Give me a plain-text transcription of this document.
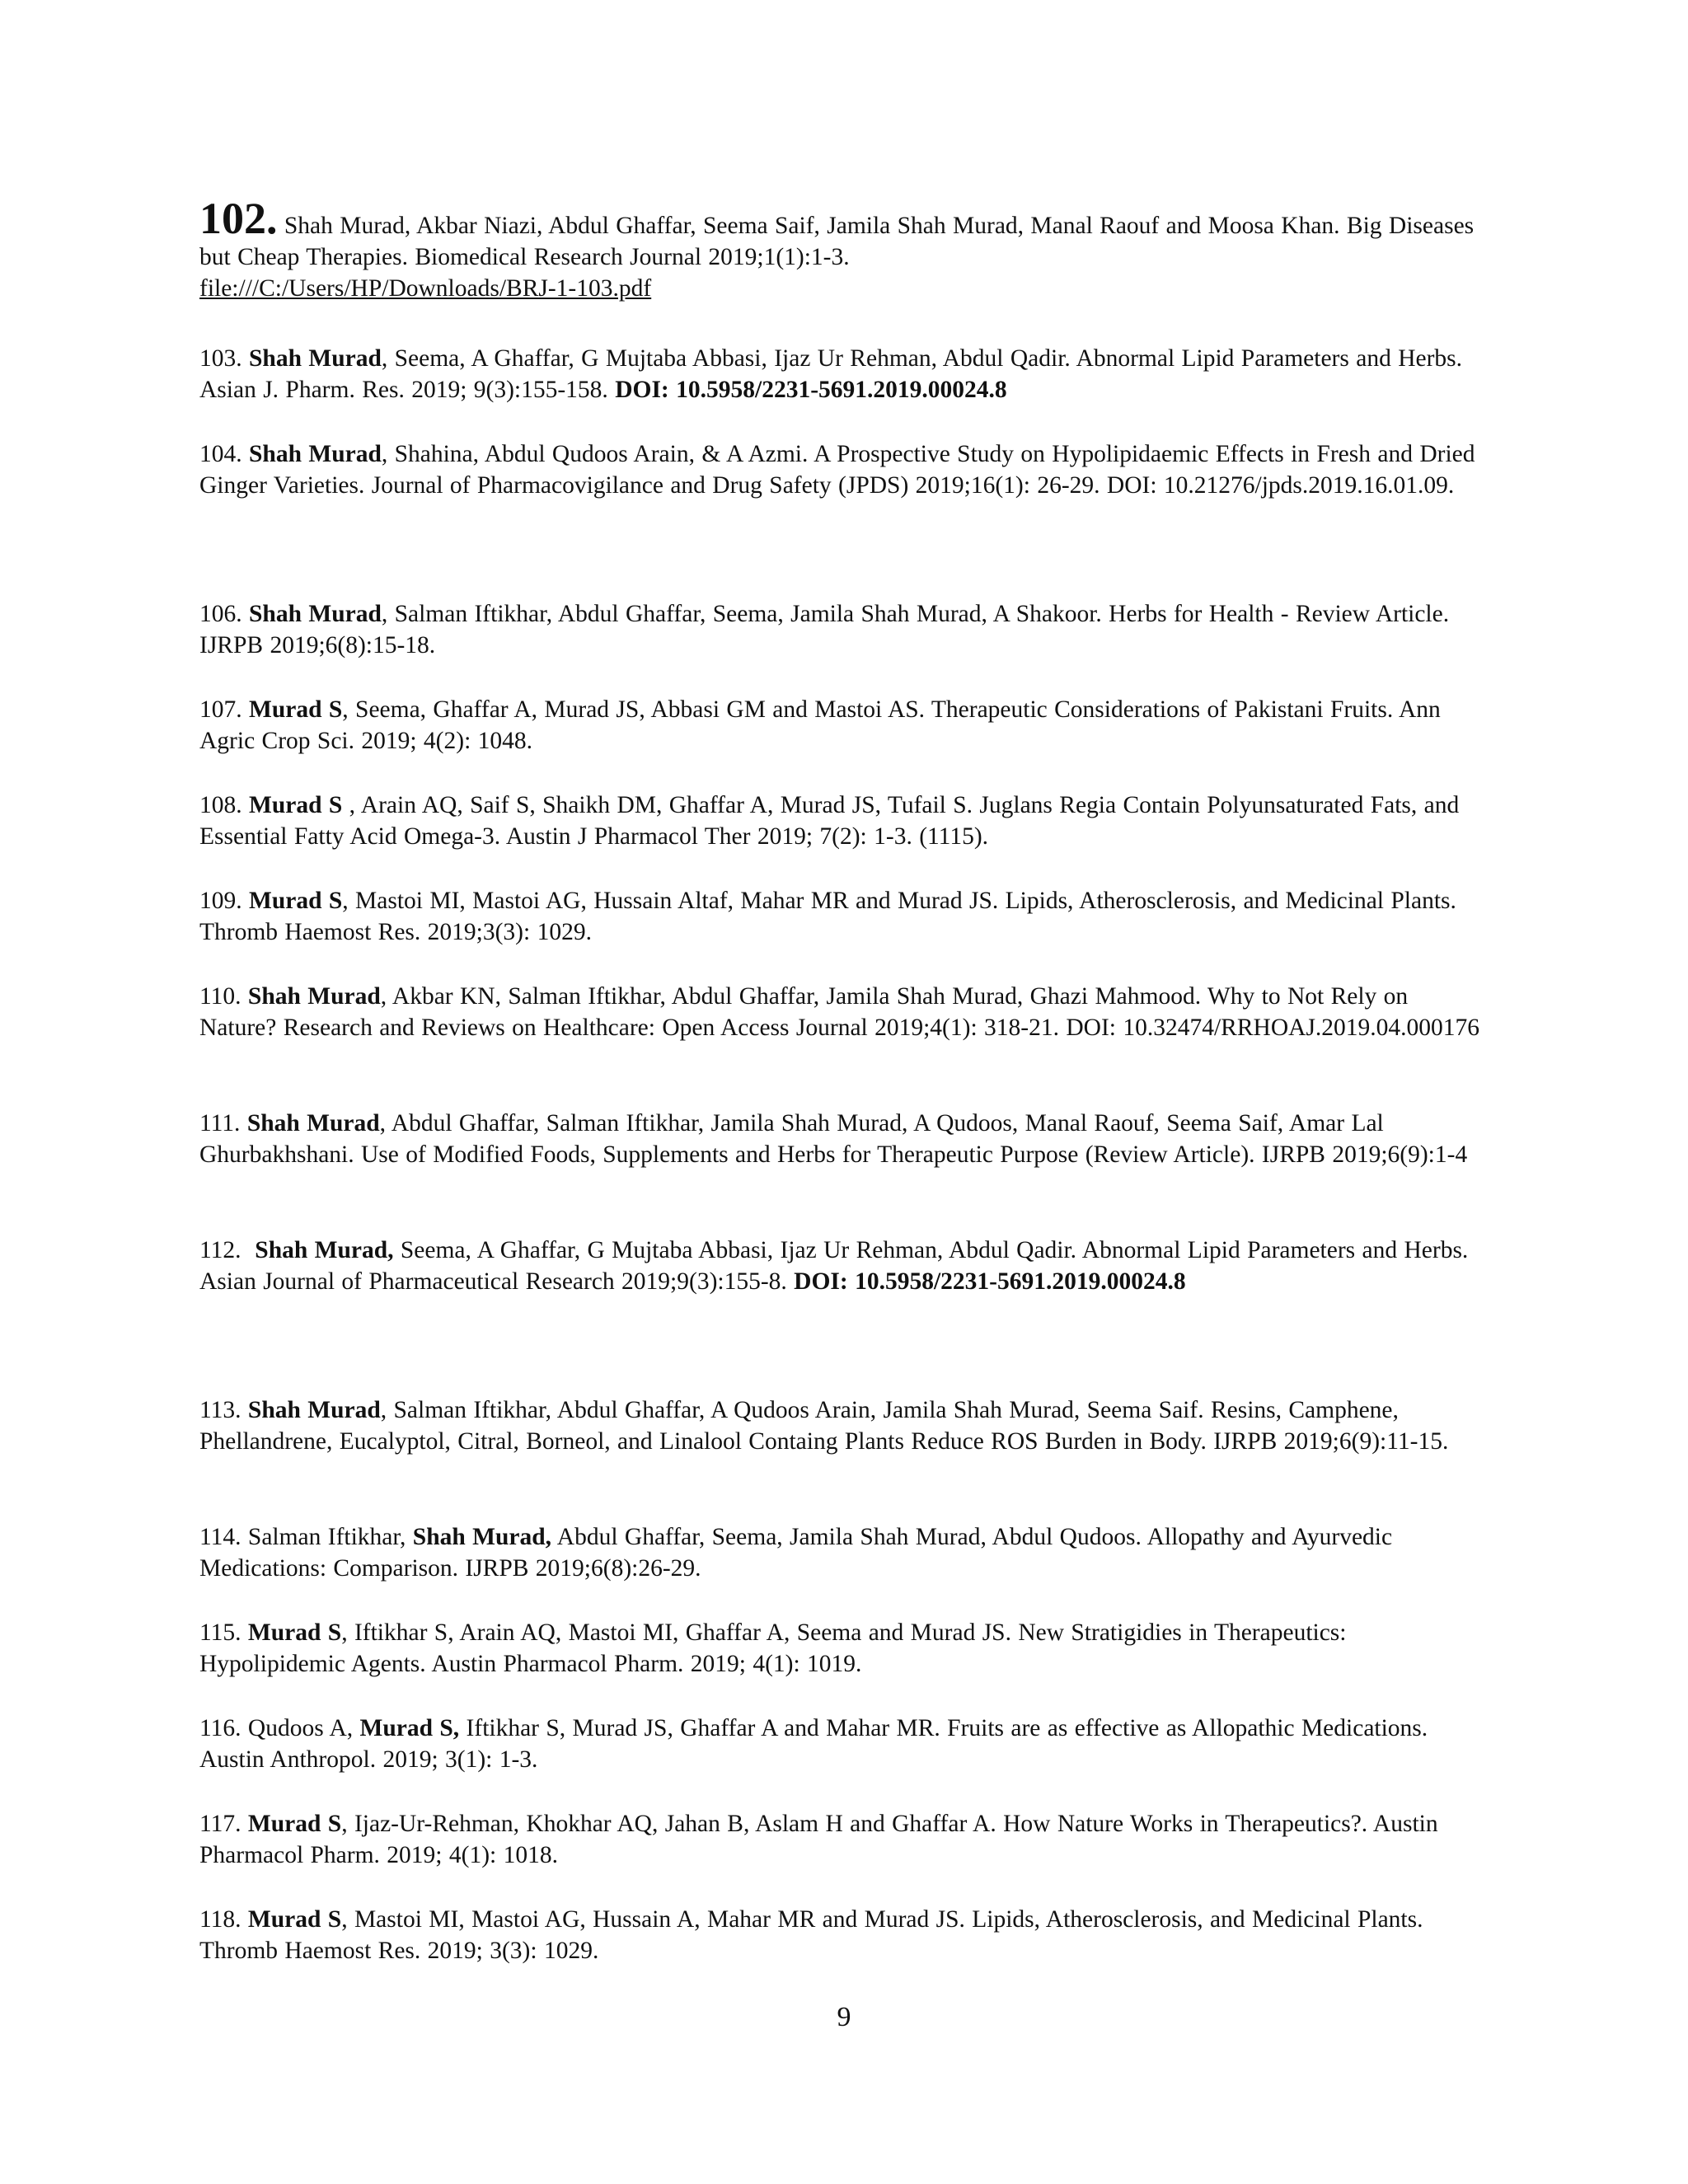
102. Shah Murad, Akbar Niazi, Abdul Ghaffar, Seema Saif, Jamila Shah Murad, Manal Raouf and Moosa Khan. Big Diseases but Cheap Therapies. Biomedical Research Journal 2019;1(1):1-3.
file:///C:/Users/HP/Downloads/BRJ-1-103.pdf
103. Shah Murad, Seema, A Ghaffar, G Mujtaba Abbasi, Ijaz Ur Rehman, Abdul Qadir. Abnormal Lipid Parameters and Herbs. Asian J. Pharm. Res. 2019; 9(3):155-158. DOI: 10.5958/2231-5691.2019.00024.8
104. Shah Murad, Shahina, Abdul Qudoos Arain, & A Azmi. A Prospective Study on Hypolipidaemic Effects in Fresh and Dried Ginger Varieties. Journal of Pharmacovigilance and Drug Safety (JPDS) 2019;16(1): 26-29. DOI: 10.21276/jpds.2019.16.01.09.
106. Shah Murad, Salman Iftikhar, Abdul Ghaffar, Seema, Jamila Shah Murad, A Shakoor. Herbs for Health - Review Article. IJRPB 2019;6(8):15-18.
107. Murad S, Seema, Ghaffar A, Murad JS, Abbasi GM and Mastoi AS. Therapeutic Considerations of Pakistani Fruits. Ann Agric Crop Sci. 2019; 4(2): 1048.
108. Murad S , Arain AQ, Saif S, Shaikh DM, Ghaffar A, Murad JS, Tufail S. Juglans Regia Contain Polyunsaturated Fats, and Essential Fatty Acid Omega-3. Austin J Pharmacol Ther 2019; 7(2): 1-3. (1115).
109. Murad S, Mastoi MI, Mastoi AG, Hussain Altaf, Mahar MR and Murad JS. Lipids, Atherosclerosis, and Medicinal Plants. Thromb Haemost Res. 2019;3(3): 1029.
110. Shah Murad, Akbar KN, Salman Iftikhar, Abdul Ghaffar, Jamila Shah Murad, Ghazi Mahmood. Why to Not Rely on Nature? Research and Reviews on Healthcare: Open Access Journal 2019;4(1): 318-21. DOI: 10.32474/RRHOAJ.2019.04.000176
111. Shah Murad, Abdul Ghaffar, Salman Iftikhar, Jamila Shah Murad, A Qudoos, Manal Raouf, Seema Saif, Amar Lal Ghurbakhshani. Use of Modified Foods, Supplements and Herbs for Therapeutic Purpose (Review Article). IJRPB 2019;6(9):1-4
112. Shah Murad, Seema, A Ghaffar, G Mujtaba Abbasi, Ijaz Ur Rehman, Abdul Qadir. Abnormal Lipid Parameters and Herbs. Asian Journal of Pharmaceutical Research 2019;9(3):155-8. DOI: 10.5958/2231-5691.2019.00024.8
113. Shah Murad, Salman Iftikhar, Abdul Ghaffar, A Qudoos Arain, Jamila Shah Murad, Seema Saif. Resins, Camphene, Phellandrene, Eucalyptol, Citral, Borneol, and Linalool Containg Plants Reduce ROS Burden in Body. IJRPB 2019;6(9):11-15.
114. Salman Iftikhar, Shah Murad, Abdul Ghaffar, Seema, Jamila Shah Murad, Abdul Qudoos. Allopathy and Ayurvedic Medications: Comparison. IJRPB 2019;6(8):26-29.
115. Murad S, Iftikhar S, Arain AQ, Mastoi MI, Ghaffar A, Seema and Murad JS. New Stratigidies in Therapeutics: Hypolipidemic Agents. Austin Pharmacol Pharm. 2019; 4(1): 1019.
116. Qudoos A, Murad S, Iftikhar S, Murad JS, Ghaffar A and Mahar MR. Fruits are as effective as Allopathic Medications. Austin Anthropol. 2019; 3(1): 1-3.
117. Murad S, Ijaz-Ur-Rehman, Khokhar AQ, Jahan B, Aslam H and Ghaffar A. How Nature Works in Therapeutics?. Austin Pharmacol Pharm. 2019; 4(1): 1018.
118. Murad S, Mastoi MI, Mastoi AG, Hussain A, Mahar MR and Murad JS. Lipids, Atherosclerosis, and Medicinal Plants. Thromb Haemost Res. 2019; 3(3): 1029.
9
